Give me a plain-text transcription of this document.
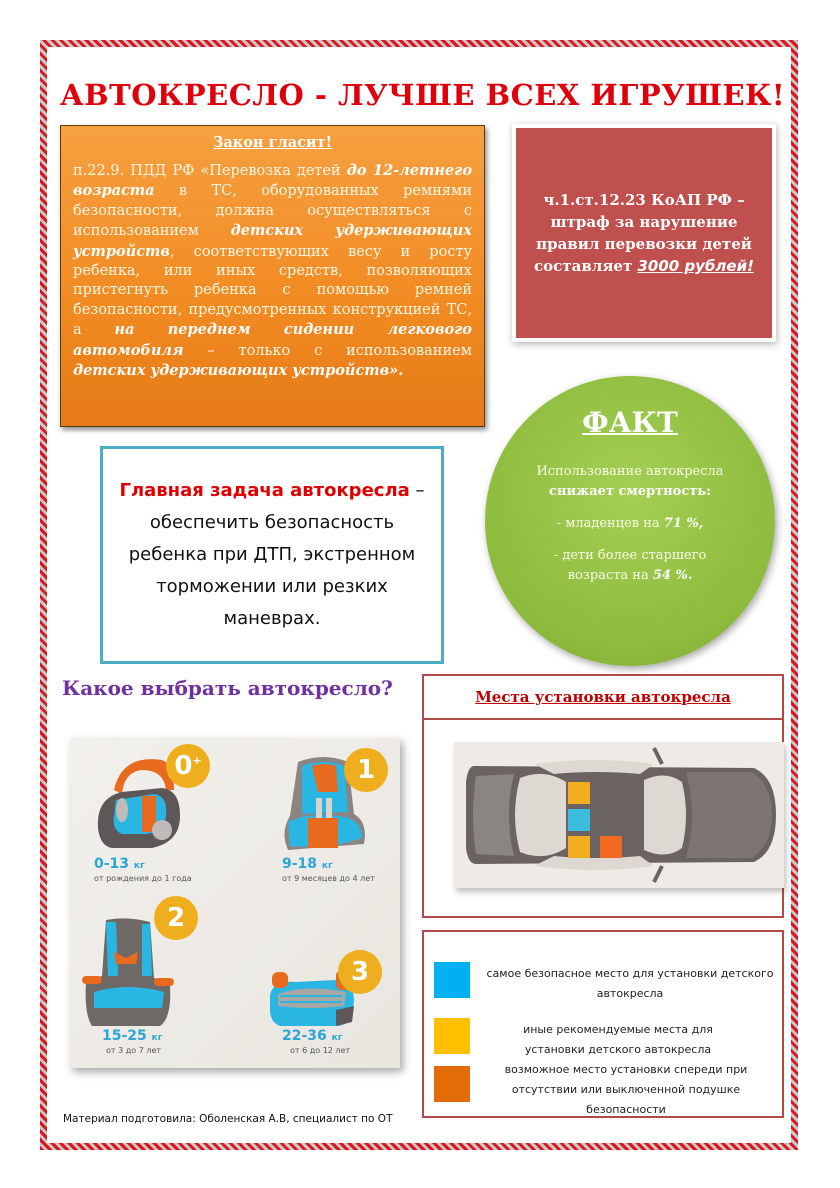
АВТОКРЕСЛО - ЛУЧШЕ ВСЕХ ИГРУШЕК!
Закон гласит!
п.22.9. ПДД РФ «Перевозка детей до 12-летнего возраста в ТС, оборудованных ремнями безопасности, должна осуществляться с использованием детских удерживающих устройств, соответствующих весу и росту ребенка, или иных средств, позволяющих пристегнуть ребенка с помощью ремней безопасности, предусмотренных конструкцией ТС, а на переднем сидении легкового автомобиля – только с использованием детских удерживающих устройств».
ч.1.ст.12.23 КоАП РФ – штраф за нарушение правил перевозки детей составляет 3000 рублей!
ФАКТ

Использование автокресла снижает смертность:

- младенцев на 71 %,

- дети более старшего возраста на 54 %.

Главная задача автокресла – обеспечить безопасность ребенка при ДТП, экстренном торможении или резких маневрах.
Какое выбрать автокресло?
0+
0-13 кг
от рождения до 1 года
1
9-18 кг
от 9 месяцев до 4 лет
2
15-25 кг
от 3 до 7 лет
3
22-36 кг
от 6 до 12 лет
Места установки автокресла
самое безопасное место для установки детского автокресла
иные рекомендуемые места для установки детского автокресла
возможное место установки спереди при отсутствии или выключенной подушке безопасности
Материал подготовила: Оболенская А.В, специалист по ОТ
